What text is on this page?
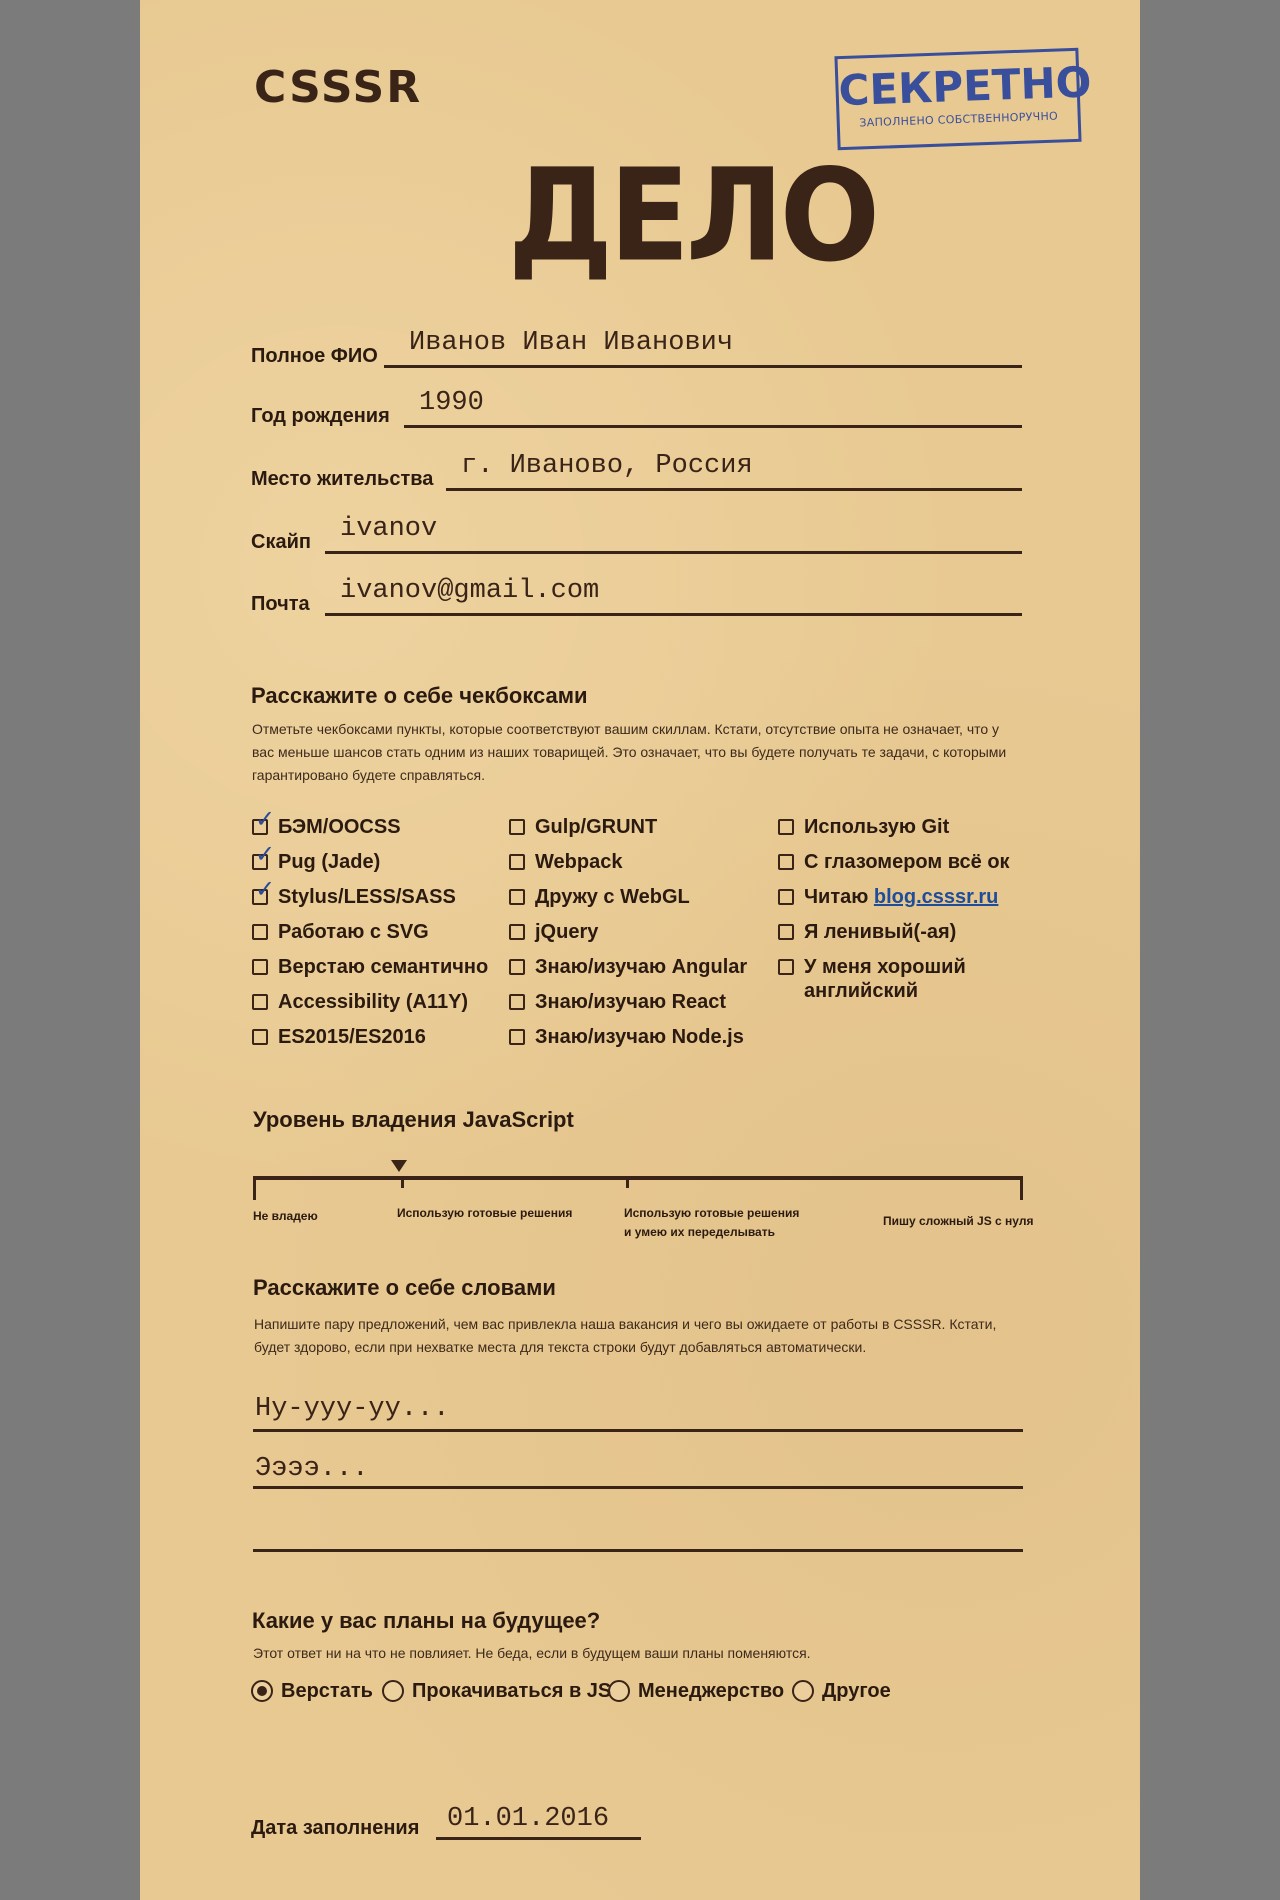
CSSSR	СЕКРЕТНО
ЗАПОЛНЕНО СОБСТВЕННОРУЧНО
ДЕЛО
Полное ФИО Иванов Иван Иванович
Год рождения 1990
Место жительства г. Иваново, Россия
Скайп ivanov
Почта ivanov@gmail.com
Расскажите о себе чекбоксами
Отметьте чекбоксами пункты, которые соответствуют вашим скиллам. Кстати, отсутствие опыта не означает, что у вас меньше шансов стать одним из наших товарищей. Это означает, что вы будете получать те задачи, с которыми гарантировано будете справляться.
✓ БЭМ/OOCSS
✓ Pug (Jade)
✓ Stylus/LESS/SASS
Работаю с SVG
Верстаю семантично
Accessibility (A11Y)
ES2015/ES2016
Gulp/GRUNT
Webpack
Дружу с WebGL
jQuery
Знаю/изучаю Angular
Знаю/изучаю React
Знаю/изучаю Node.js
Использую Git
С глазомером всё ок
Читаю blog.csssr.ru
Я ленивый(-ая)
У меня хороший английский
Уровень владения JavaScript
Не владею	Использую готовые решения	Использую готовые решения и умею их переделывать
Пишу сложный JS с нуля
Расскажите о себе словами
Напишите пару предложений, чем вас привлекла наша вакансия и чего вы ожидаете от работы в CSSSR. Кстати, будет здорово, если при нехватке места для текста строки будут добавляться автоматически.
Ну-ууу-уу...
Ээээ...
Какие у вас планы на будущее?
Этот ответ ни на что не повлияет. Не беда, если в будущем ваши планы поменяются.
Верстать Прокачиваться в JS Менеджерство Другое
Дата заполнения 01.01.2016
